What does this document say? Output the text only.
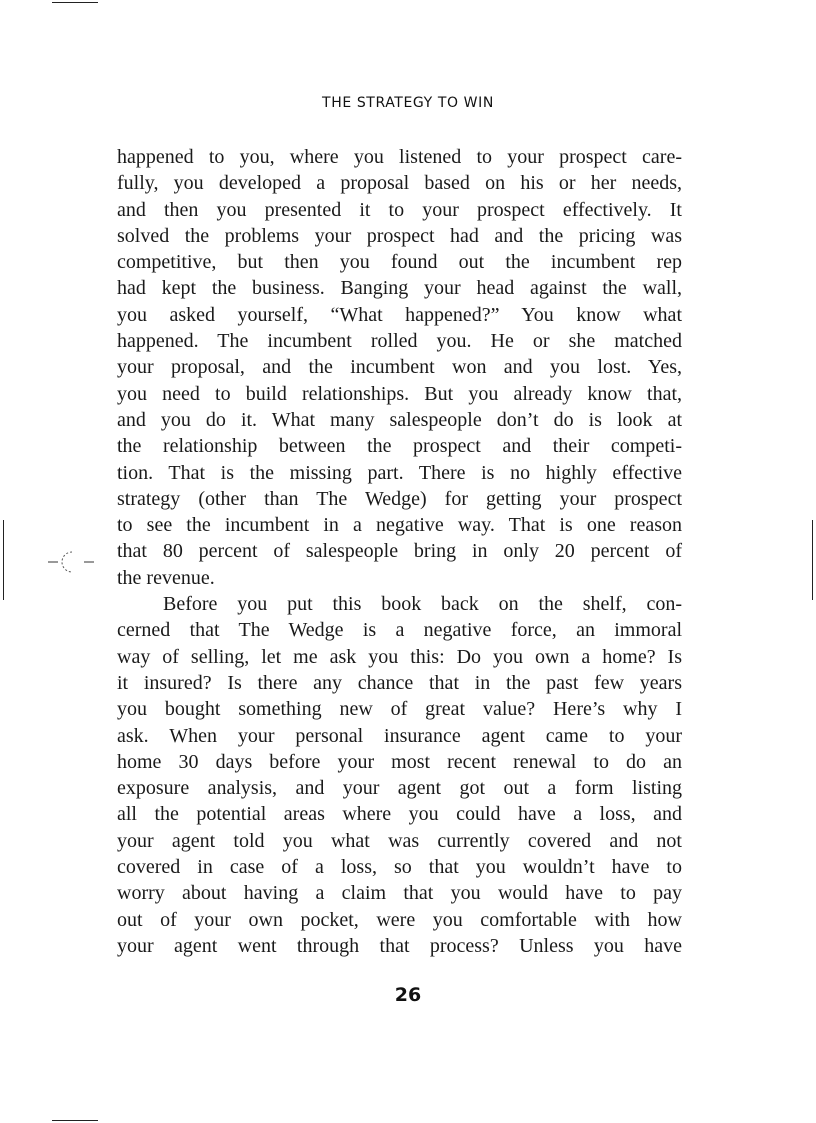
THE STRATEGY TO WIN
happened to you, where you listened to your prospect care-
fully, you developed a proposal based on his or her needs,
and then you presented it to your prospect effectively. It
solved the problems your prospect had and the pricing was
competitive, but then you found out the incumbent rep
had kept the business. Banging your head against the wall,
you asked yourself, “What happened?” You know what
happened. The incumbent rolled you. He or she matched
your proposal, and the incumbent won and you lost. Yes,
you need to build relationships. But you already know that,
and you do it. What many salespeople don’t do is look at
the relationship between the prospect and their competi-
tion. That is the missing part. There is no highly effective
strategy (other than The Wedge) for getting your prospect
to see the incumbent in a negative way. That is one reason
that 80 percent of salespeople bring in only 20 percent of
the revenue.
Before you put this book back on the shelf, con-
cerned that The Wedge is a negative force, an immoral
way of selling, let me ask you this: Do you own a home? Is
it insured? Is there any chance that in the past few years
you bought something new of great value? Here’s why I
ask. When your personal insurance agent came to your
home 30 days before your most recent renewal to do an
exposure analysis, and your agent got out a form listing
all the potential areas where you could have a loss, and
your agent told you what was currently covered and not
covered in case of a loss, so that you wouldn’t have to
worry about having a claim that you would have to pay
out of your own pocket, were you comfortable with how
your agent went through that process? Unless you have
26
